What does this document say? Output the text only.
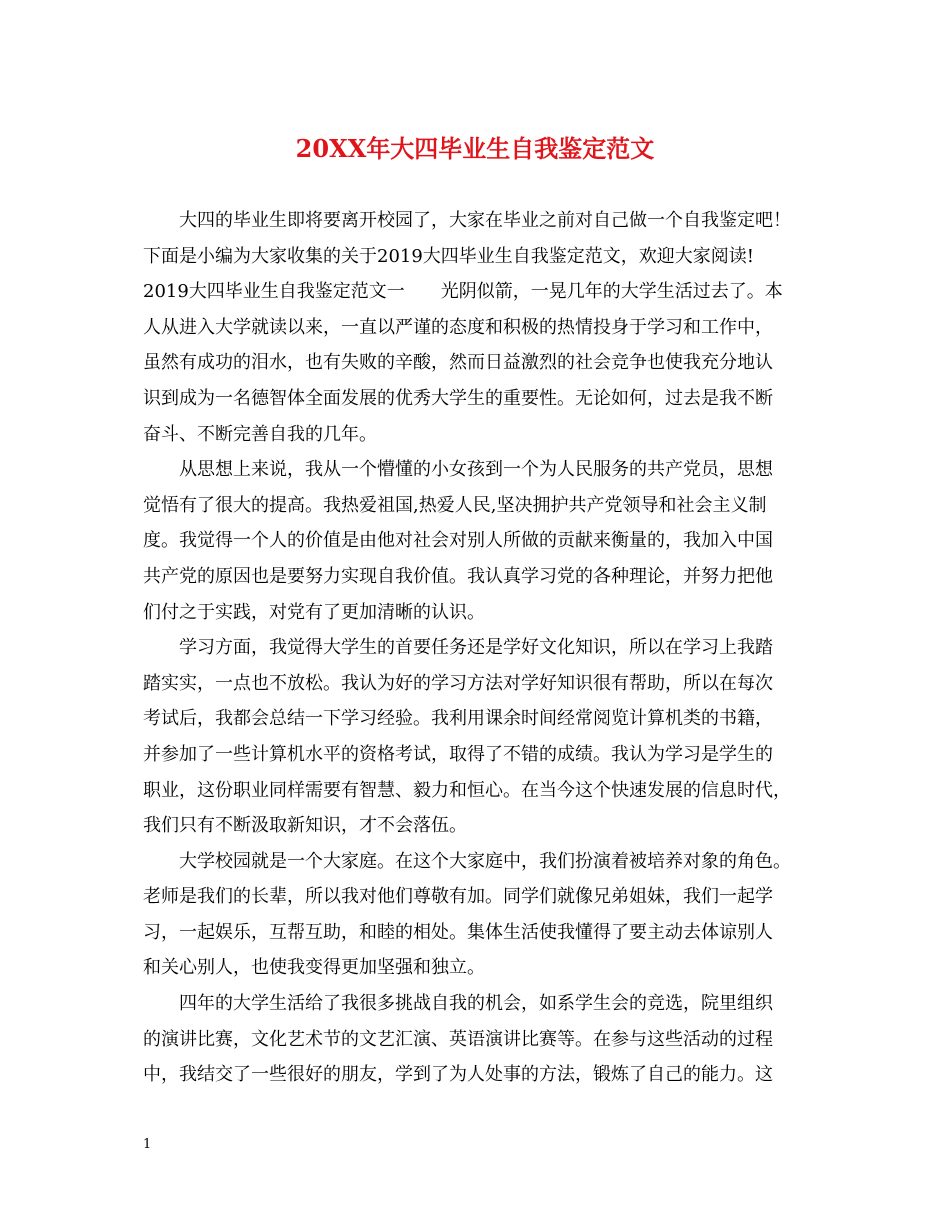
20XX年大四毕业生自我鉴定范文

大四的毕业生即将要离开校园了，大家在毕业之前对自己做一个自我鉴定吧！
下面是小编为大家收集的关于2019大四毕业生自我鉴定范文，欢迎大家阅读!
2019大四毕业生自我鉴定范文一　　光阴似箭，一晃几年的大学生活过去了。本
人从进入大学就读以来，一直以严谨的态度和积极的热情投身于学习和工作中，
虽然有成功的泪水，也有失败的辛酸，然而日益激烈的社会竞争也使我充分地认
识到成为一名德智体全面发展的优秀大学生的重要性。无论如何，过去是我不断
奋斗、不断完善自我的几年。

从思想上来说，我从一个懵懂的小女孩到一个为人民服务的共产党员，思想
觉悟有了很大的提高。我热爱祖国,热爱人民,坚决拥护共产党领导和社会主义制
度。我觉得一个人的价值是由他对社会对别人所做的贡献来衡量的，我加入中国
共产党的原因也是要努力实现自我价值。我认真学习党的各种理论，并努力把他
们付之于实践，对党有了更加清晰的认识。

学习方面，我觉得大学生的首要任务还是学好文化知识，所以在学习上我踏
踏实实，一点也不放松。我认为好的学习方法对学好知识很有帮助，所以在每次
考试后，我都会总结一下学习经验。我利用课余时间经常阅览计算机类的书籍，
并参加了一些计算机水平的资格考试，取得了不错的成绩。我认为学习是学生的
职业，这份职业同样需要有智慧、毅力和恒心。在当今这个快速发展的信息时代，
我们只有不断汲取新知识，才不会落伍。

大学校园就是一个大家庭。在这个大家庭中，我们扮演着被培养对象的角色。
老师是我们的长辈，所以我对他们尊敬有加。同学们就像兄弟姐妹，我们一起学
习，一起娱乐，互帮互助，和睦的相处。集体生活使我懂得了要主动去体谅别人
和关心别人，也使我变得更加坚强和独立。

四年的大学生活给了我很多挑战自我的机会，如系学生会的竞选，院里组织
的演讲比赛，文化艺术节的文艺汇演、英语演讲比赛等。在参与这些活动的过程
中，我结交了一些很好的朋友，学到了为人处事的方法，锻炼了自己的能力。这

1
